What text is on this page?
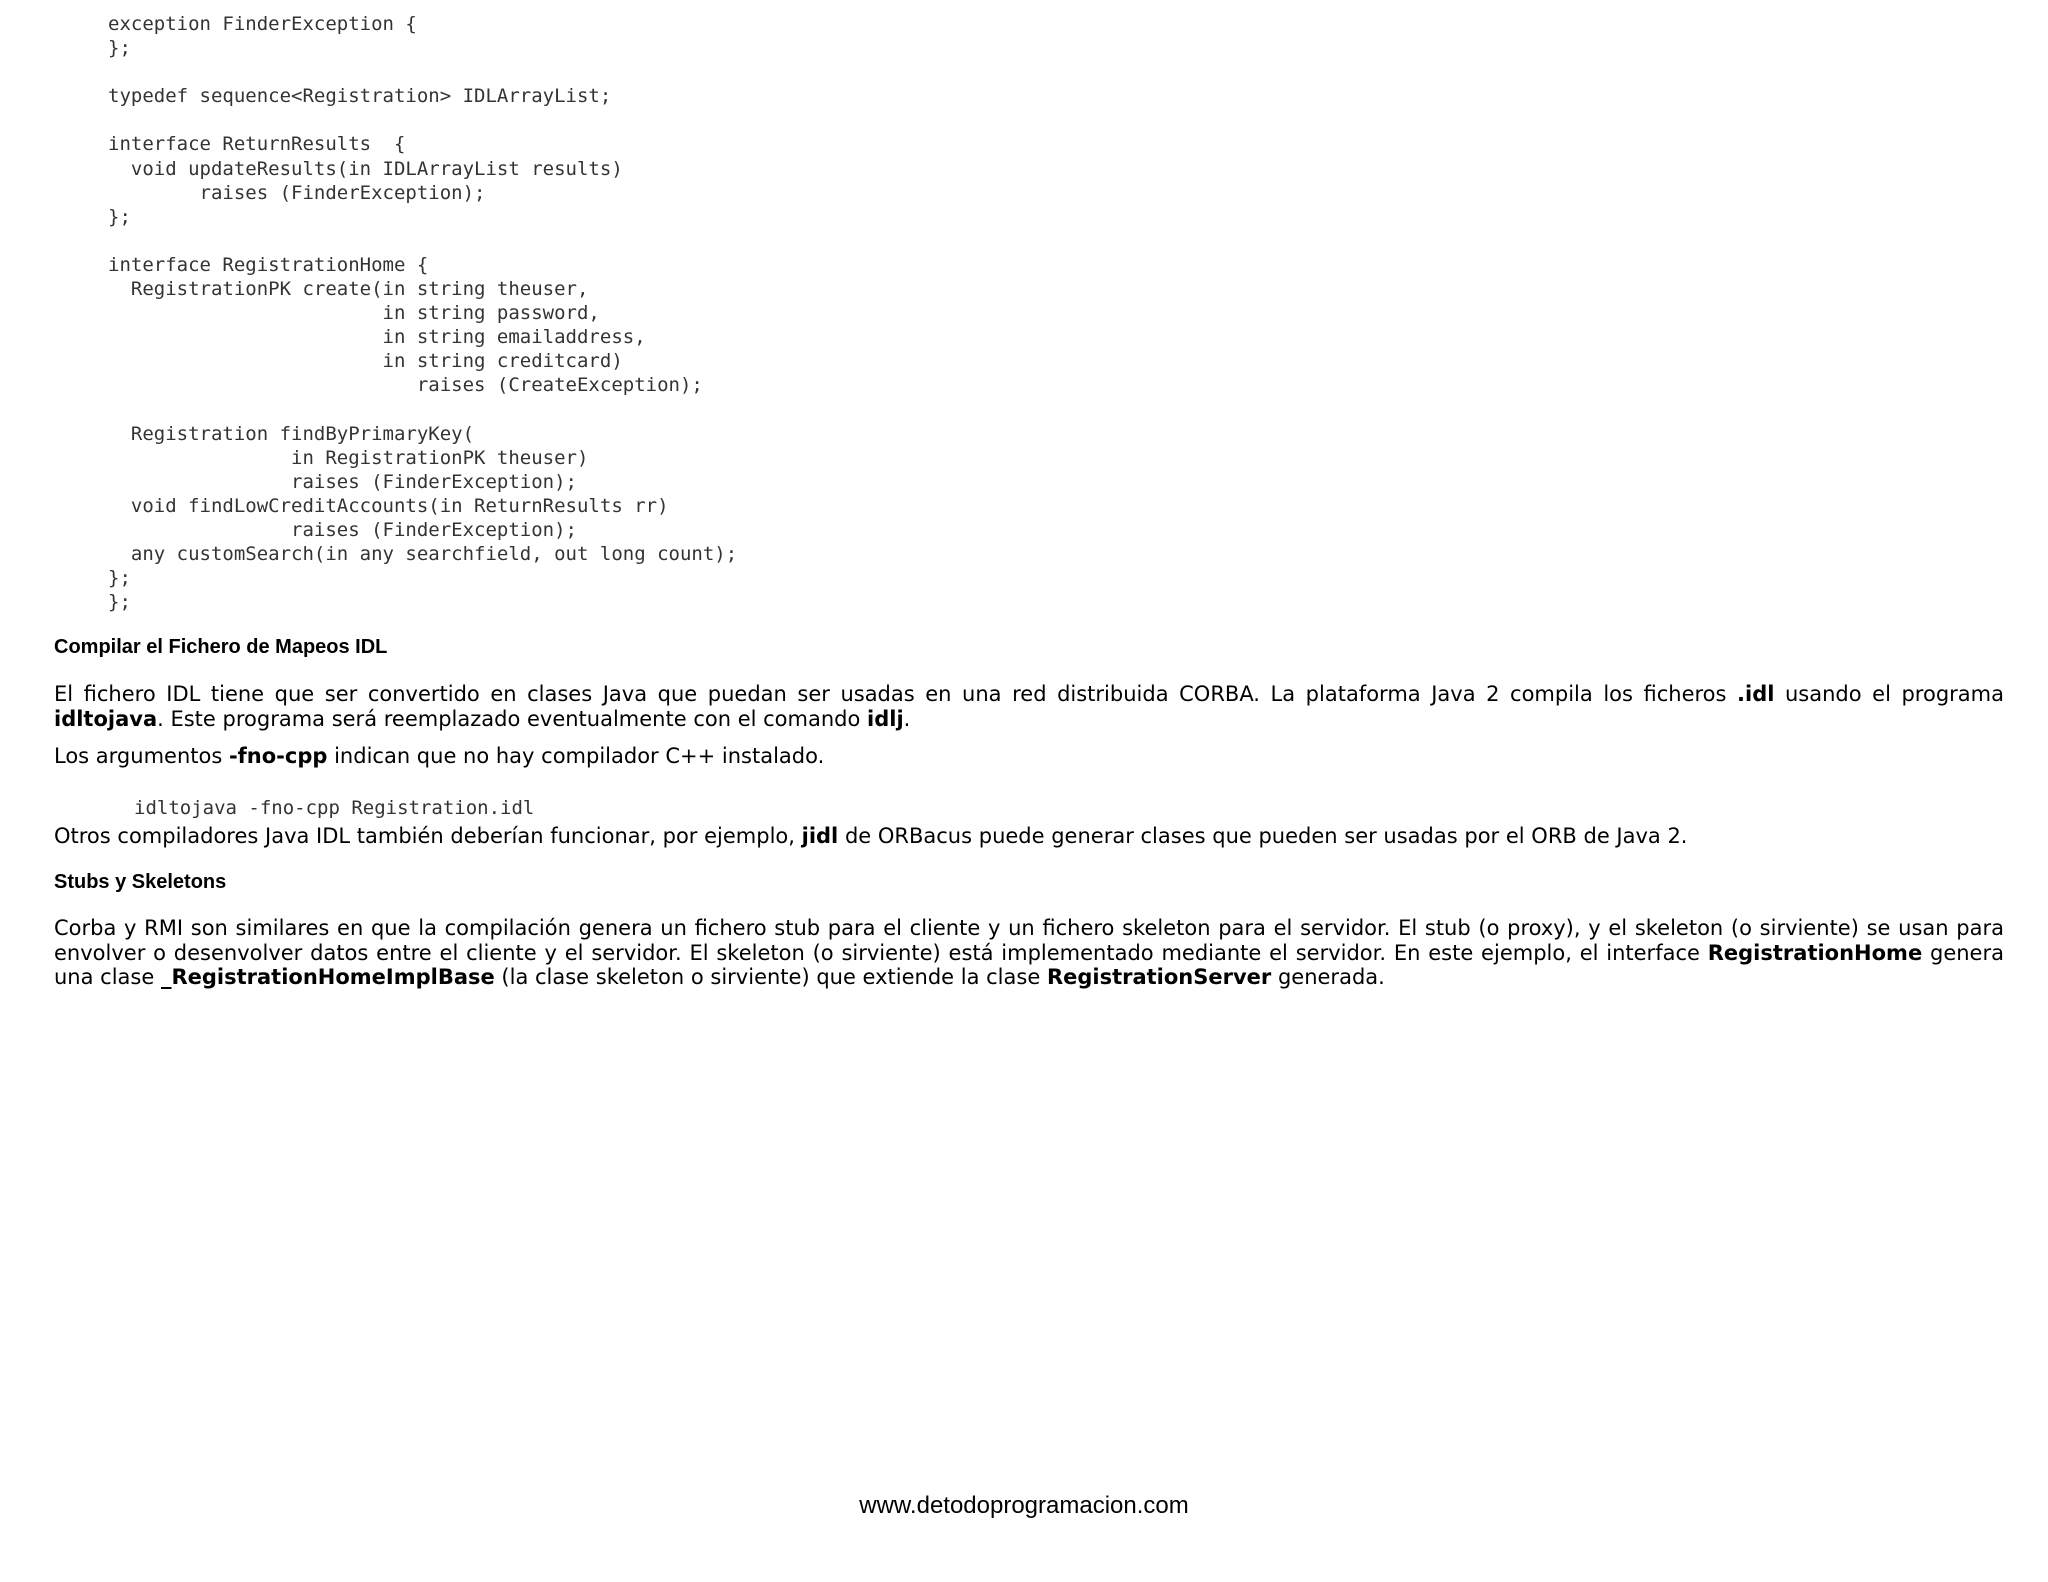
exception FinderException {
};
typedef sequence<Registration> IDLArrayList;
interface ReturnResults  {
void updateResults(in IDLArrayList results)
raises (FinderException);
};
interface RegistrationHome {
RegistrationPK create(in string theuser,
in string password,
in string emailaddress,
in string creditcard)
raises (CreateException);
Registration findByPrimaryKey(
in RegistrationPK theuser)
raises (FinderException);
void findLowCreditAccounts(in ReturnResults rr)
raises (FinderException);
any customSearch(in any searchfield, out long count);
};
};
Compilar el Fichero de Mapeos IDL

El fichero IDL tiene que ser convertido en clases Java que puedan ser usadas en una red distribuida CORBA. La plataforma Java 2 compila los ficheros .idl usando el programa idltojava. Este programa será reemplazado eventualmente con el comando idlj.

Los argumentos -fno-cpp indican que no hay compilador C++ instalado.

idltojava -fno-cpp Registration.idl

Otros compiladores Java IDL también deberían funcionar, por ejemplo, jidl de ORBacus puede generar clases que pueden ser usadas por el ORB de Java 2.

Stubs y Skeletons

Corba y RMI son similares en que la compilación genera un fichero stub para el cliente y un fichero skeleton para el servidor. El stub (o proxy), y el skeleton (o sirviente) se usan para envolver o desenvolver datos entre el cliente y el servidor. El skeleton (o sirviente) está implementado mediante el servidor. En este ejemplo, el interface RegistrationHome genera una clase _RegistrationHomeImplBase (la clase skeleton o sirviente) que extiende la clase RegistrationServer generada.

www.detodoprogramacion.com
